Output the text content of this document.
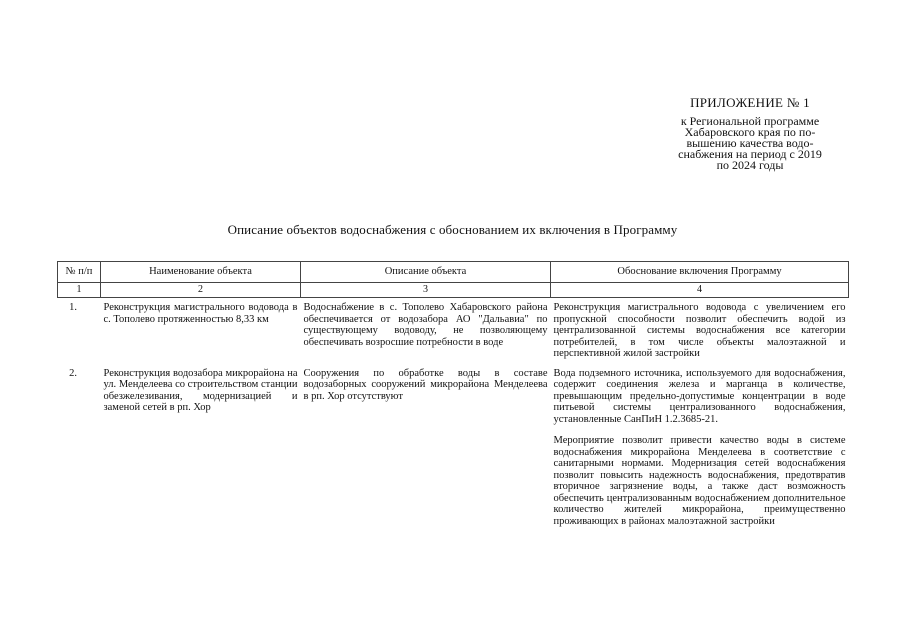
ПРИЛОЖЕНИЕ № 1
к Региональной программе
Хабаровского края по по-
вышению качества водо-
снабжения на период с 2019
по 2024 годы
Описание объектов водоснабжения с обоснованием их включения в Программу
№ п/п	Наименование объекта	Описание объекта	Обоснование включения Программу
1	2	3	4
1.	Реконструкция магистрального водовода в с. Тополево протяженностью 8,33 км	Водоснабжение в с. Тополево Хабаровского района обеспечивается от водозабора АО "Дальавиа" по существующему водоводу, не позволяющему обеспечивать возросшие потребности в воде	Реконструкция магистрального водовода с увеличением его пропускной способности позволит обеспечить водой из централизованной системы водоснабжения все категории потребителей, в том числе объекты малоэтажной и перспективной жилой застройки

2.	Реконструкция водозабора микрорайона на ул. Менделеева со строительством станции обезжелезивания, модернизацией и заменой сетей в рп. Хор	Сооружения по обработке воды в составе водозаборных сооружений микрорайона Менделеева в рп. Хор отсутствуют	Вода подземного источника, используемого для водоснабжения, содержит соединения железа и марганца в количестве, превышающим предельно-допустимые концентрации в воде питьевой системы централизованного водоснабжения, установленные СанПиН 1.2.3685-21.
Мероприятие позволит привести качество воды в системе водоснабжения микрорайона Менделеева в соответствие с санитарными нормами. Модернизация сетей водоснабжения позволит повысить надежность водоснабжения, предотвратив вторичное загрязнение воды, а также даст возможность обеспечить централизованным водоснабжением дополнительное количество жителей микрорайона, преимущественно проживающих в районах малоэтажной застройки
